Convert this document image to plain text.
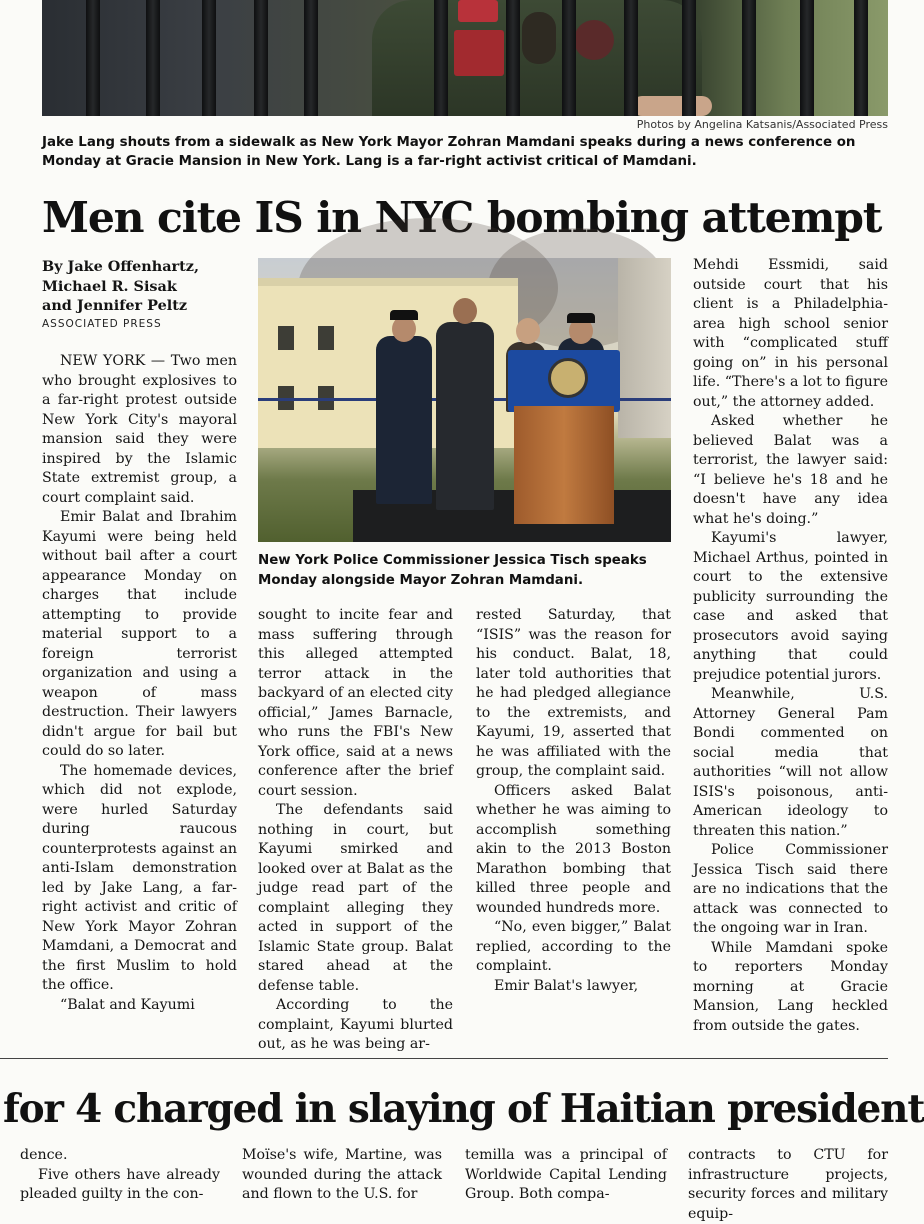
Photos by Angelina Katsanis/Associated Press
Jake Lang shouts from a sidewalk as New York Mayor Zohran Mamdani speaks during a news conference on Monday at Gracie Mansion in New York. Lang is a far-right activist critical of Mamdani.
Men cite IS in NYC bombing attempt
By Jake Offenhartz,
Michael R. Sisak
and Jennifer Peltz
ASSOCIATED PRESS

NEW YORK — Two men who brought explosives to a far-right protest outside New York City's mayoral mansion said they were inspired by the Islamic State extremist group, a court complaint said.

Emir Balat and Ibrahim Kayumi were being held without bail after a court appearance Monday on charges that include attempting to provide material support to a foreign terrorist organization and using a weapon of mass destruction. Their lawyers didn't argue for bail but could do so later.

The homemade devices, which did not explode, were hurled Saturday during raucous counterprotests against an anti-Islam demonstration led by Jake Lang, a far-right activist and critic of New York Mayor Zohran Mamdani, a Democrat and the first Muslim to hold the office.

“Balat and Kayumi

New York Police Commissioner Jessica Tisch speaks Monday alongside Mayor Zohran Mamdani.

sought to incite fear and mass suffering through this alleged attempted terror attack in the backyard of an elected city official,” James Barnacle, who runs the FBI's New York office, said at a news conference after the brief court session.

The defendants said nothing in court, but Kayumi smirked and looked over at Balat as the judge read part of the complaint alleging they acted in support of the Islamic State group. Balat stared ahead at the defense table.

According to the complaint, Kayumi blurted out, as he was being ar-

rested Saturday, that “ISIS” was the reason for his conduct. Balat, 18, later told authorities that he had pledged allegiance to the extremists, and Kayumi, 19, asserted that he was affiliated with the group, the complaint said.

Officers asked Balat whether he was aiming to accomplish something akin to the 2013 Boston Marathon bombing that killed three people and wounded hundreds more.

“No, even bigger,” Balat replied, according to the complaint.

Emir Balat's lawyer,

Mehdi Essmidi, said outside court that his client is a Philadelphia-area high school senior with “complicated stuff going on” in his personal life. “There's a lot to figure out,” the attorney added.

Asked whether he believed Balat was a terrorist, the lawyer said: “I believe he's 18 and he doesn't have any idea what he's doing.”

Kayumi's lawyer, Michael Arthus, pointed in court to the extensive publicity surrounding the case and asked that prosecutors avoid saying anything that could prejudice potential jurors.

Meanwhile, U.S. Attorney General Pam Bondi commented on social media that authorities “will not allow ISIS's poisonous, anti-American ideology to threaten this nation.”

Police Commissioner Jessica Tisch said there are no indications that the attack was connected to the ongoing war in Iran.

While Mamdani spoke to reporters Monday morning at Gracie Mansion, Lang heckled from outside the gates.

for 4 charged in slaying of Haitian president

dence.

Five others have already pleaded guilty in the con-

Moïse's wife, Martine, was wounded during the attack and flown to the U.S. for

temilla was a principal of Worldwide Capital Lending Group. Both compa-

contracts to CTU for infrastructure projects, security forces and military equip-
